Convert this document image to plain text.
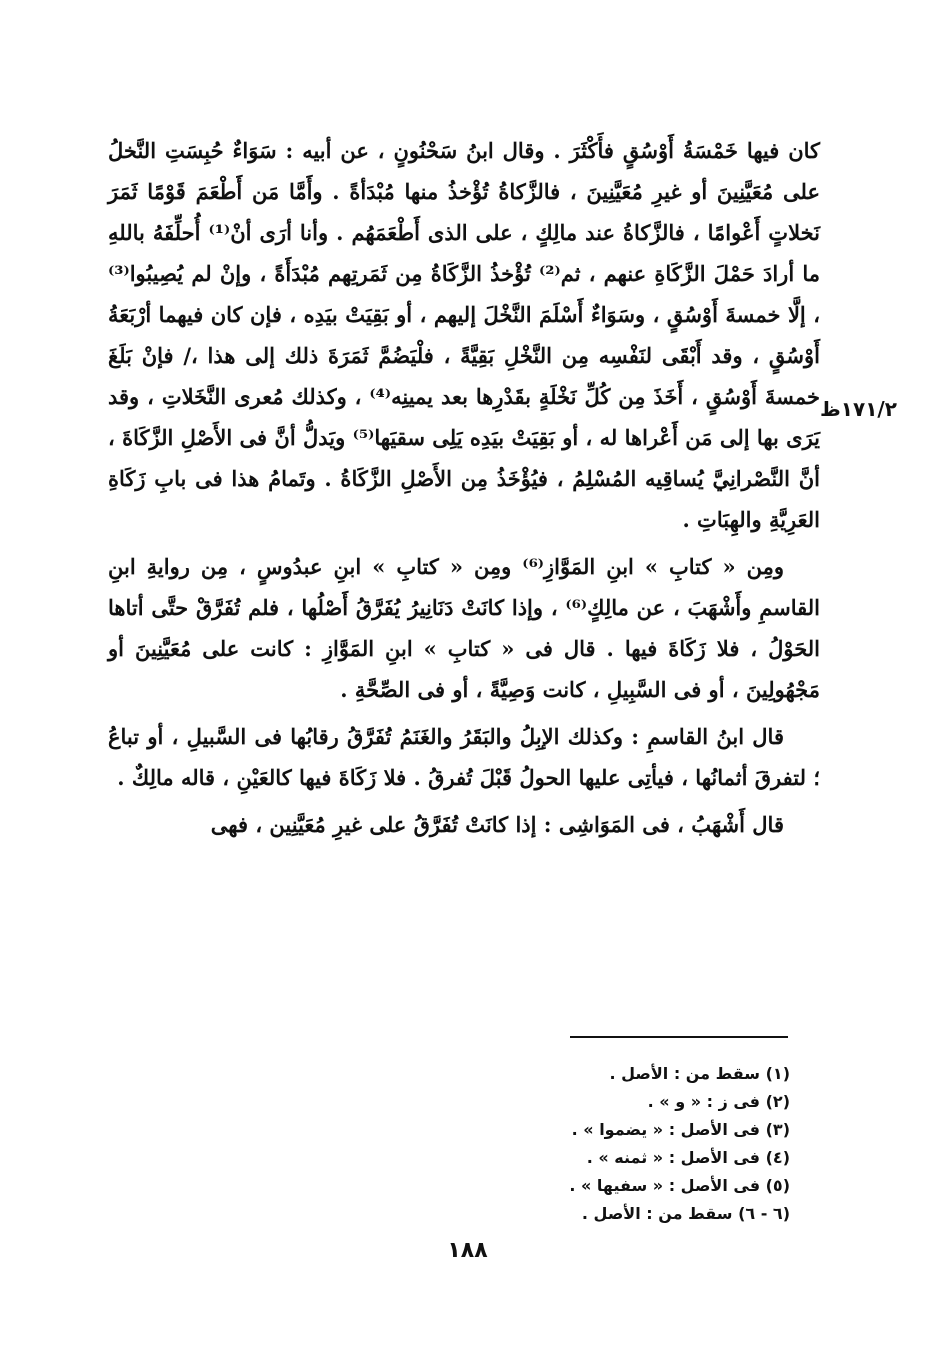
كان فيها خَمْسَةُ أَوْسُقٍ فأَكْثَرَ . وقال ابنُ سَحْنُونٍ ، عن أبيه : سَوَاءٌ حُبِسَتِ النَّخلُ على مُعَيَّنِينَ أو غيرِ مُعَيَّنِينَ ، فالزَّكاةُ تُؤْخذُ منها مُبْدَأةً . وأَمَّا مَن أَطْعَمَ قَوْمًا ثَمَرَ نَخلاتٍ أَعْوامًا ، فالزَّكاةُ عند مالِكٍ ، على الذى أَطْعَمَهُم . وأنا أرَى أنْ⁽¹⁾ أُحلِّفَهُ باللهِ ما أرادَ حَمْلَ الزَّكَاةِ عنهم ، ثم⁽²⁾ تُؤْخذُ الزَّكَاةُ مِن ثَمَرتِهم مُبْدَأَةً ، وإنْ لم يُصِيبُوا⁽³⁾ ، إلَّا خمسةَ أَوْسُقٍ ، وسَوَاءٌ أَسْلَمَ النَّخْلَ إليهم ، أو بَقِيَتْ بيَدِه ، فإن كان فيهما أرْبَعَةُ أَوْسُقٍ ، وقد أَبْقَى لنَفْسِه مِن النَّخْلِ بَقِيَّةً ، فلْيَضُمَّ ثَمَرَةَ ذلك إلى هذا ،/ فإنْ بَلَغَ خمسةَ أَوْسُقٍ ، أَخَذَ مِن كُلِّ نَخْلَةٍ بقَدْرِها بعد يمينِه⁽⁴⁾ ، وكذلك مُعرى النَّخَلاتِ ، وقد يَرَى بها إلى مَن أَعْراها له ، أو بَقِيَتْ بيَدِه يَلِى سقيَها⁽⁵⁾ ويَدلُّ أنَّ فى الأَصْلِ الزَّكَاةَ ، أنَّ النَّصْرانِيَّ يُساقِيه المُسْلِمُ ، فيُؤْخَذُ مِن الأَصْلِ الزَّكَاةُ . وتَمامُ هذا فى بابِ زَكَاةِ العَرِيَّةِ والهِبَاتِ .

ومِن « كتابِ » ابنِ المَوَّازِ⁽⁶⁾ ومِن « كتابِ » ابنِ عبدُوسٍ ، مِن روايةِ ابنِ القاسمِ وأَشْهَبَ ، عن مالِكٍ⁽⁶⁾ ، وإذا كانَتْ دَنَانِيرُ يُفَرَّقُ أَصْلُها ، فلم تُفَرَّقْ حتَّى أتاها الحَوْلُ ، فلا زَكَاةَ فيها . قال فى « كتابِ » ابنِ المَوَّازِ : كانت على مُعَيَّنِينَ أو مَجْهُولِينَ ، أو فى السَّبِيلِ ، كانت وَصِيَّةً ، أو فى الصِّحَّةِ .

قال ابنُ القاسمِ : وكذلك الإبِلُ والبَقَرُ والغَنَمُ تُفَرَّقُ رقابُها فى السَّبيلِ ، أو تباعُ ؛ لتفرقَ أثمانُها ، فيأتِى عليها الحولُ قَبْلَ تُفرقُ . فلا زَكَاةَ فيها كالعَيْنِ ، قاله مالِكٌ .

قال أَشْهَبُ ، فى المَوَاشِى : إذا كانَتْ تُفَرَّقُ على غيرِ مُعَيَّنِين ، فهى

١٧١/٢ظ
(١) سقط من : الأصل .
(٢) فى ز : « و » .
(٣) فى الأصل : « يضموا » .
(٤) فى الأصل : « ثمنه » .
(٥) فى الأصل : « سفيها » .
(٦ - ٦) سقط من : الأصل .
١٨٨
